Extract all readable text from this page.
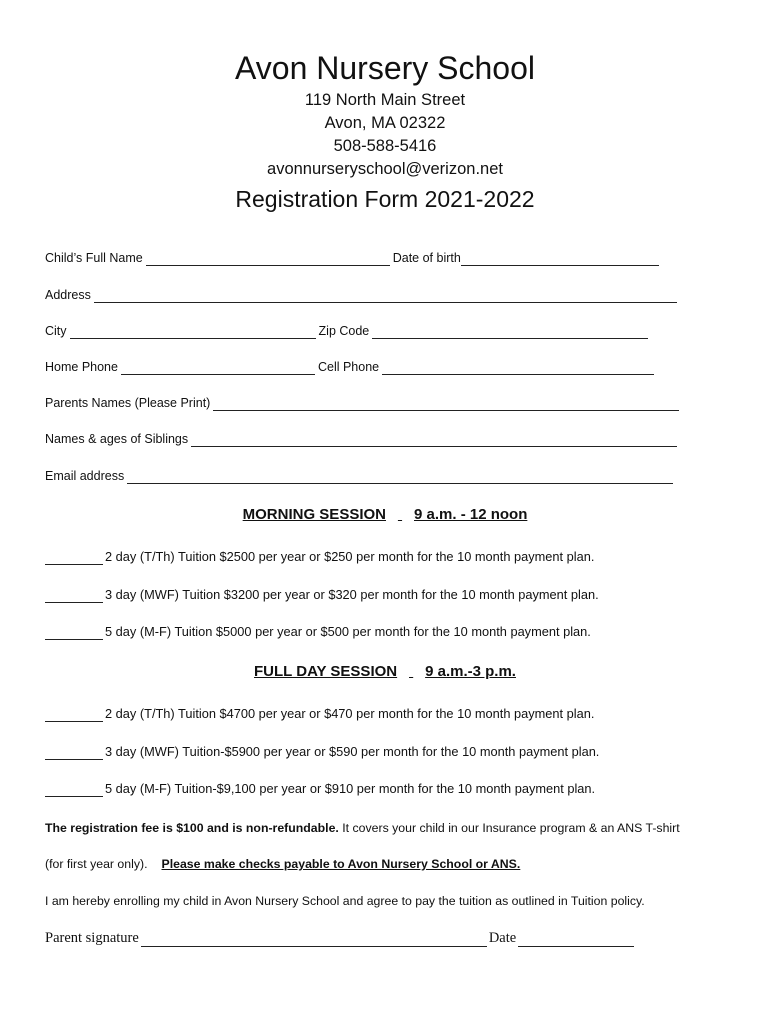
Avon Nursery School
119 North Main Street
Avon, MA 02322
508-588-5416
avonnurseryschool@verizon.net
Registration Form 2021-2022
Child’s Full Name	Date of birth
Address
City	Zip Code
Home Phone	Cell Phone
Parents Names (Please Print)
Names & ages of Siblings
Email address
MORNING SESSION 9 a.m. - 12 noon
2 day (T/Th) Tuition $2500 per year or $250 per month for the 10 month payment plan.
3 day (MWF) Tuition $3200 per year or $320 per month for the 10 month payment plan.
5 day (M-F) Tuition $5000 per year or $500 per month for the 10 month payment plan.
FULL DAY SESSION 9 a.m.-3 p.m.
2 day (T/Th) Tuition $4700 per year or $470 per month for the 10 month payment plan.
3 day (MWF) Tuition-$5900 per year or $590 per month for the 10 month payment plan.
5 day (M-F) Tuition-$9,100 per year or $910 per month for the 10 month payment plan.
The registration fee is $100 and is non-refundable. It covers your child in our Insurance program & an ANS T-shirt
(for first year only). Please make checks payable to Avon Nursery School or ANS.
I am hereby enrolling my child in Avon Nursery School and agree to pay the tuition as outlined in Tuition policy.
Parent signature	Date
